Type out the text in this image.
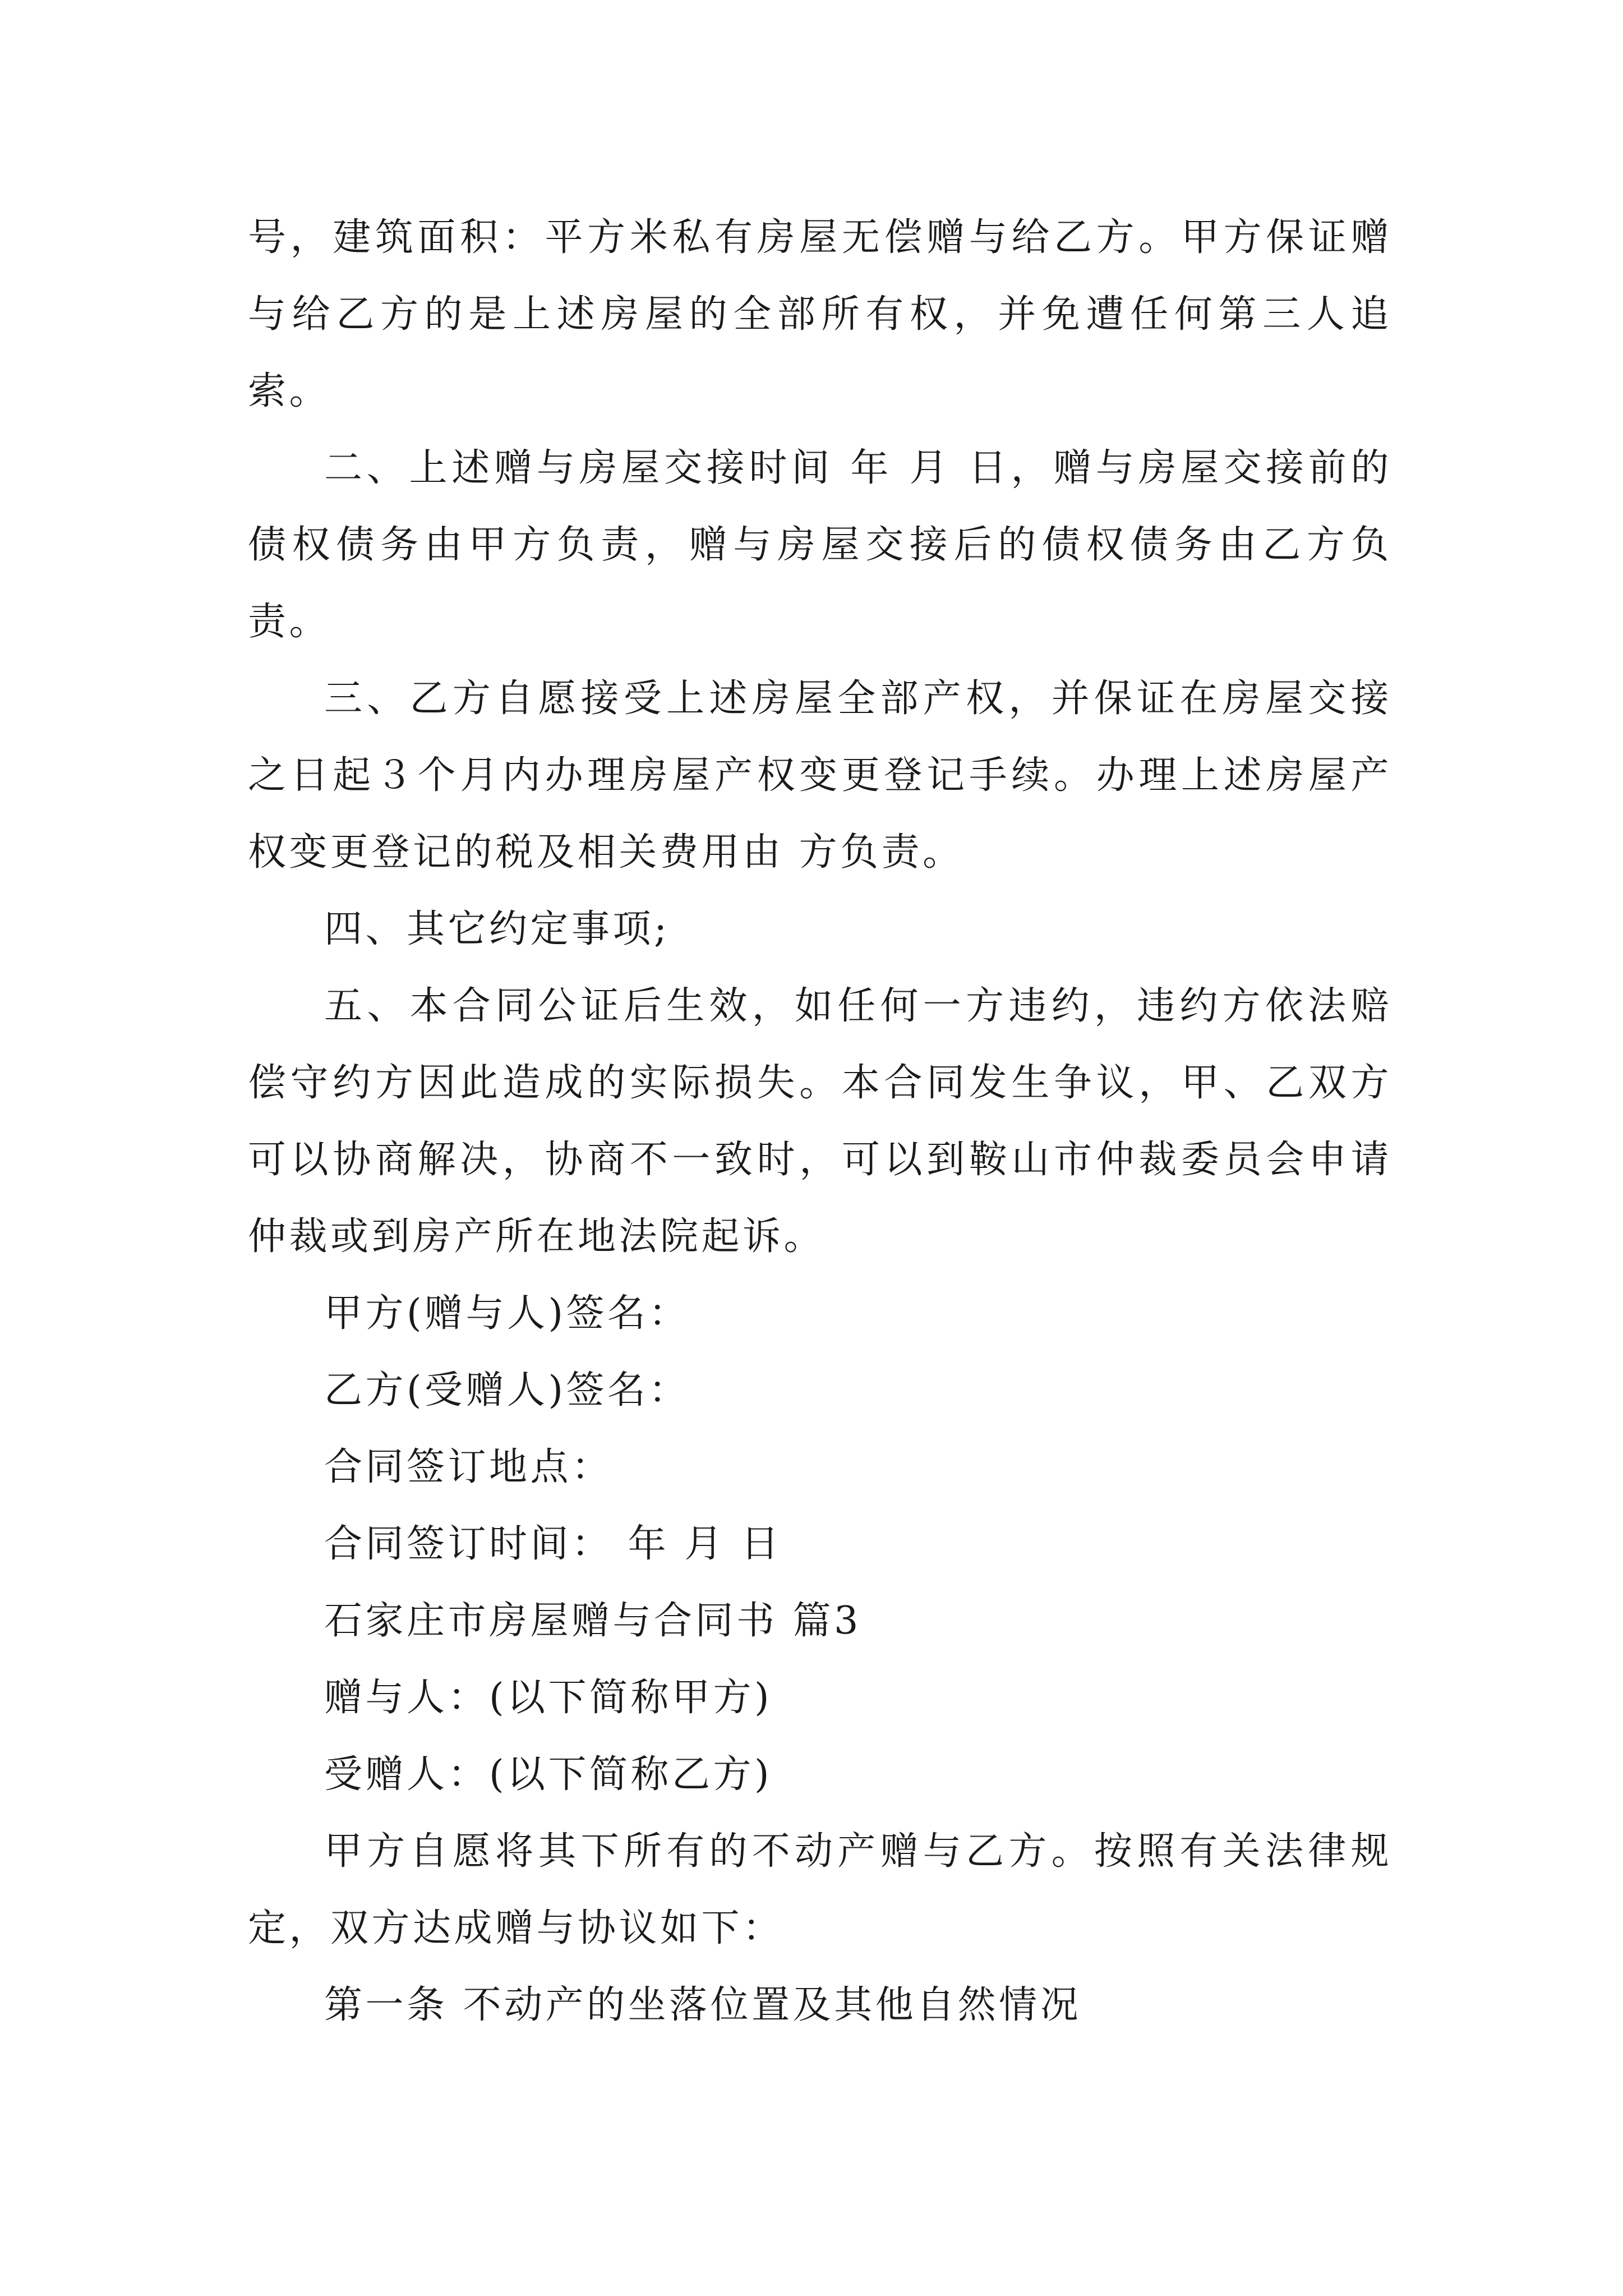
号，建筑面积：平方米私有房屋无偿赠与给乙方。甲方保证赠与给乙方的是上述房屋的全部所有权，并免遭任何第三人追索。

二、上述赠与房屋交接时间 年 月 日，赠与房屋交接前的债权债务由甲方负责，赠与房屋交接后的债权债务由乙方负责。

三、乙方自愿接受上述房屋全部产权，并保证在房屋交接之日起３个月内办理房屋产权变更登记手续。办理上述房屋产权变更登记的税及相关费用由 方负责。

四、其它约定事项;

五、本合同公证后生效，如任何一方违约，违约方依法赔偿守约方因此造成的实际损失。本合同发生争议，甲、乙双方可以协商解决，协商不一致时，可以到鞍山市仲裁委员会申请仲裁或到房产所在地法院起诉。

甲方(赠与人)签名：

乙方(受赠人)签名：

合同签订地点：

合同签订时间： 年 月 日

石家庄市房屋赠与合同书 篇3

赠与人：(以下简称甲方)

受赠人：(以下简称乙方)

甲方自愿将其下所有的不动产赠与乙方。按照有关法律规定，双方达成赠与协议如下：

第一条 不动产的坐落位置及其他自然情况
